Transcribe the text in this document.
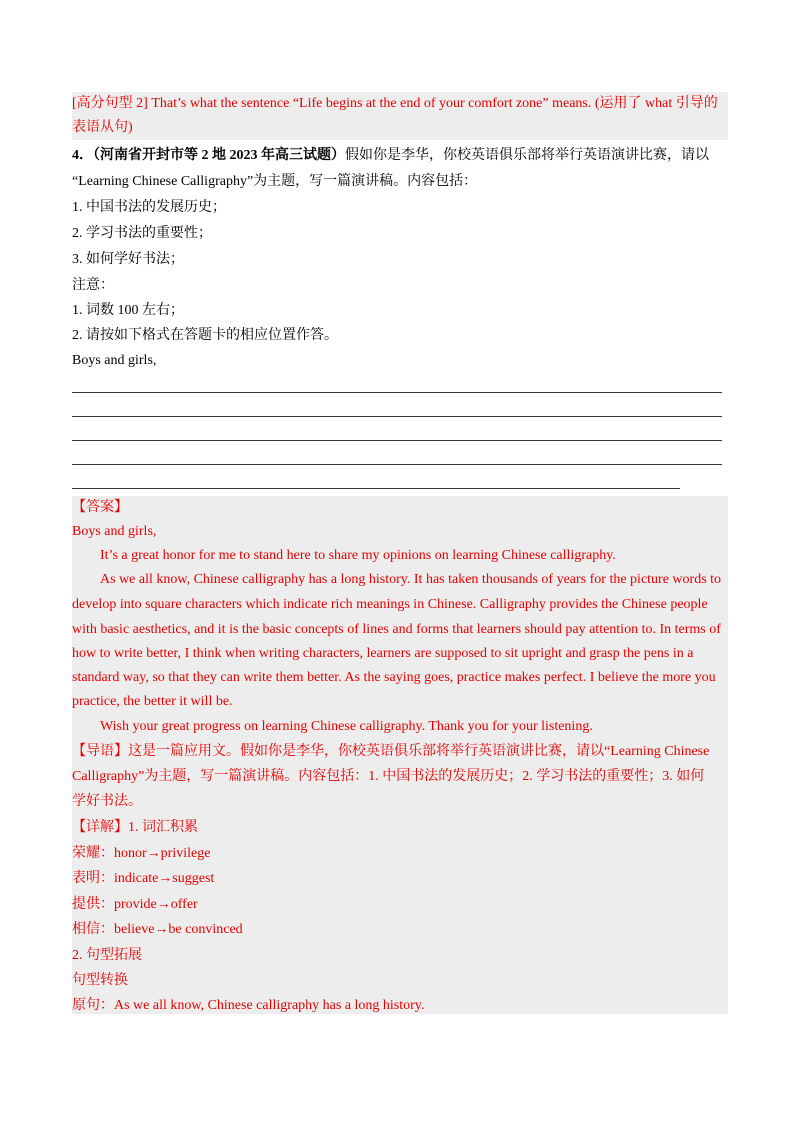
[高分句型 2] That’s what the sentence “Life begins at the end of your comfort zone” means. (运用了 what 引导的
表语从句)
4．（河南省开封市等 2 地 2023 年高三试题）假如你是李华，你校英语俱乐部将举行英语演讲比赛，请以
“Learning Chinese Calligraphy”为主题，写一篇演讲稿。内容包括：
1. 中国书法的发展历史；
2. 学习书法的重要性；
3. 如何学好书法；
注意：
1. 词数 100 左右；
2. 请按如下格式在答题卡的相应位置作答。
Boys and girls,
【答案】
Boys and girls,
It’s a great honor for me to stand here to share my opinions on learning Chinese calligraphy.
As we all know, Chinese calligraphy has a long history. It has taken thousands of years for the picture words to
develop into square characters which indicate rich meanings in Chinese. Calligraphy provides the Chinese people
with basic aesthetics, and it is the basic concepts of lines and forms that learners should pay attention to. In terms of
how to write better, I think when writing characters, learners are supposed to sit upright and grasp the pens in a
standard way, so that they can write them better. As the saying goes, practice makes perfect. I believe the more you
practice, the better it will be.
Wish your great progress on learning Chinese calligraphy. Thank you for your listening.
【导语】这是一篇应用文。假如你是李华，你校英语俱乐部将举行英语演讲比赛，请以“Learning Chinese
Calligraphy”为主题，写一篇演讲稿。内容包括：1. 中国书法的发展历史；2. 学习书法的重要性；3. 如何
学好书法。
【详解】1. 词汇积累
荣耀：honor→privilege
表明：indicate→suggest
提供：provide→offer
相信：believe→be convinced
2. 句型拓展
句型转换
原句：As we all know, Chinese calligraphy has a long history.
